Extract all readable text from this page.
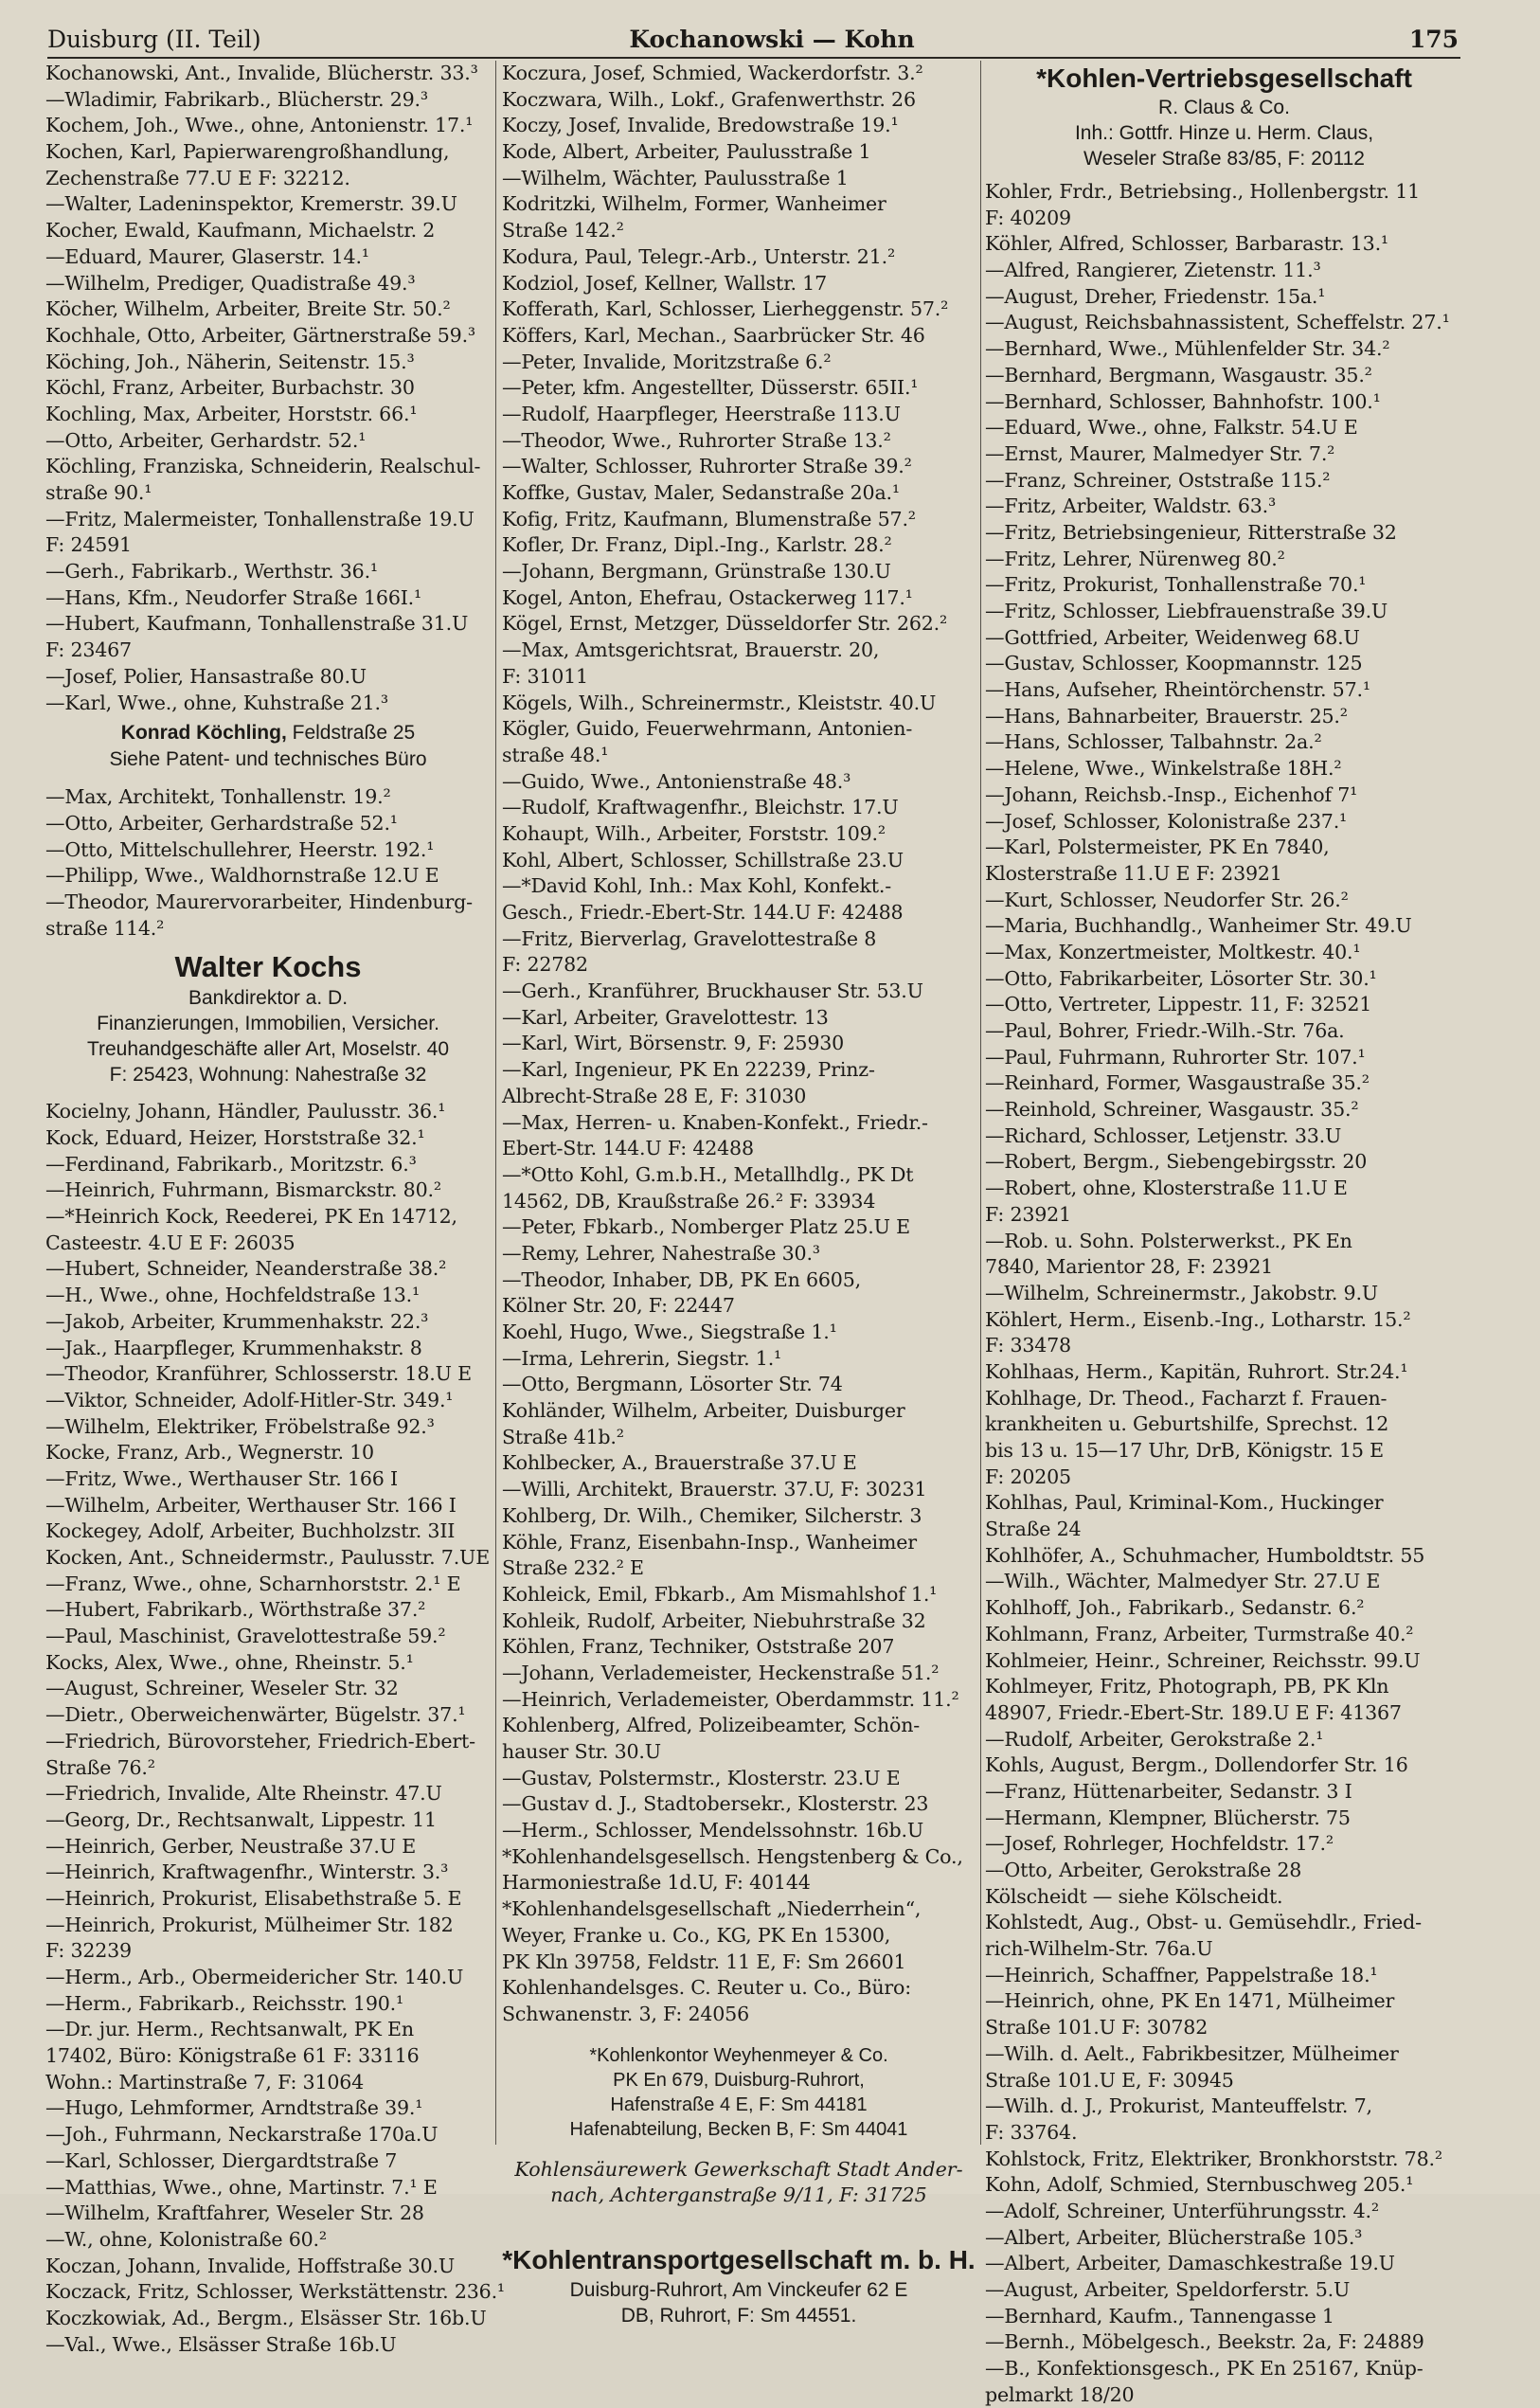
Duisburg (II. Teil)	Kochanowski — Kohn	175
Kochanowski, Ant., Invalide, Blücherstr. 33.³
—Wladimir, Fabrikarb., Blücherstr. 29.³
Kochem, Joh., Wwe., ohne, Antonienstr. 17.¹
Kochen, Karl, Papierwarengroßhandlung,
Zechenstraße 77.U E F: 32212.
—Walter, Ladeninspektor, Kremerstr. 39.U
Kocher, Ewald, Kaufmann, Michaelstr. 2
—Eduard, Maurer, Glaserstr. 14.¹
—Wilhelm, Prediger, Quadistraße 49.³
Köcher, Wilhelm, Arbeiter, Breite Str. 50.²
Kochhale, Otto, Arbeiter, Gärtnerstraße 59.³
Köching, Joh., Näherin, Seitenstr. 15.³
Köchl, Franz, Arbeiter, Burbachstr. 30
Kochling, Max, Arbeiter, Horststr. 66.¹
—Otto, Arbeiter, Gerhardstr. 52.¹
Köchling, Franziska, Schneiderin, Realschul-
straße 90.¹
—Fritz, Malermeister, Tonhallenstraße 19.U
F: 24591
—Gerh., Fabrikarb., Werthstr. 36.¹
—Hans, Kfm., Neudorfer Straße 166I.¹
—Hubert, Kaufmann, Tonhallenstraße 31.U
F: 23467
—Josef, Polier, Hansastraße 80.U
—Karl, Wwe., ohne, Kuhstraße 21.³
Konrad Köchling, Feldstraße 25
Siehe Patent- und technisches Büro
—Max, Architekt, Tonhallenstr. 19.²
—Otto, Arbeiter, Gerhardstraße 52.¹
—Otto, Mittelschullehrer, Heerstr. 192.¹
—Philipp, Wwe., Waldhornstraße 12.U E
—Theodor, Maurervorarbeiter, Hindenburg-
straße 114.²
Walter Kochs
Bankdirektor a. D.
Finanzierungen, Immobilien, Versicher.
Treuhandgeschäfte aller Art, Moselstr. 40
F: 25423, Wohnung: Nahestraße 32
Kocielny, Johann, Händler, Paulusstr. 36.¹
Kock, Eduard, Heizer, Horststraße 32.¹
—Ferdinand, Fabrikarb., Moritzstr. 6.³
—Heinrich, Fuhrmann, Bismarckstr. 80.²
—*Heinrich Kock, Reederei, PK En 14712,
Casteestr. 4.U E F: 26035
—Hubert, Schneider, Neanderstraße 38.²
—H., Wwe., ohne, Hochfeldstraße 13.¹
—Jakob, Arbeiter, Krummenhakstr. 22.³
—Jak., Haarpfleger, Krummenhakstr. 8
—Theodor, Kranführer, Schlosserstr. 18.U E
—Viktor, Schneider, Adolf-Hitler-Str. 349.¹
—Wilhelm, Elektriker, Fröbelstraße 92.³
Kocke, Franz, Arb., Wegnerstr. 10
—Fritz, Wwe., Werthauser Str. 166 I
—Wilhelm, Arbeiter, Werthauser Str. 166 I
Kockegey, Adolf, Arbeiter, Buchholzstr. 3II
Kocken, Ant., Schneidermstr., Paulusstr. 7.UE
—Franz, Wwe., ohne, Scharnhorststr. 2.¹ E
—Hubert, Fabrikarb., Wörthstraße 37.²
—Paul, Maschinist, Gravelottestraße 59.²
Kocks, Alex, Wwe., ohne, Rheinstr. 5.¹
—August, Schreiner, Weseler Str. 32
—Dietr., Oberweichenwärter, Bügelstr. 37.¹
—Friedrich, Bürovorsteher, Friedrich-Ebert-
Straße 76.²
—Friedrich, Invalide, Alte Rheinstr. 47.U
—Georg, Dr., Rechtsanwalt, Lippestr. 11
—Heinrich, Gerber, Neustraße 37.U E
—Heinrich, Kraftwagenfhr., Winterstr. 3.³
—Heinrich, Prokurist, Elisabethstraße 5. E
—Heinrich, Prokurist, Mülheimer Str. 182
F: 32239
—Herm., Arb., Obermeidericher Str. 140.U
—Herm., Fabrikarb., Reichsstr. 190.¹
—Dr. jur. Herm., Rechtsanwalt, PK En
17402, Büro: Königstraße 61 F: 33116
Wohn.: Martinstraße 7, F: 31064
—Hugo, Lehmformer, Arndtstraße 39.¹
—Joh., Fuhrmann, Neckarstraße 170a.U
—Karl, Schlosser, Diergardtstraße 7
—Matthias, Wwe., ohne, Martinstr. 7.¹ E
—Wilhelm, Kraftfahrer, Weseler Str. 28
—W., ohne, Kolonistraße 60.²
Koczan, Johann, Invalide, Hoffstraße 30.U
Koczack, Fritz, Schlosser, Werkstättenstr. 236.¹
Koczkowiak, Ad., Bergm., Elsässer Str. 16b.U
—Val., Wwe., Elsässer Straße 16b.U
Koczura, Josef, Schmied, Wackerdorfstr. 3.²
Koczwara, Wilh., Lokf., Grafenwerthstr. 26
Koczy, Josef, Invalide, Bredowstraße 19.¹
Kode, Albert, Arbeiter, Paulusstraße 1
—Wilhelm, Wächter, Paulusstraße 1
Kodritzki, Wilhelm, Former, Wanheimer
Straße 142.²
Kodura, Paul, Telegr.-Arb., Unterstr. 21.²
Kodziol, Josef, Kellner, Wallstr. 17
Kofferath, Karl, Schlosser, Lierheggenstr. 57.²
Köffers, Karl, Mechan., Saarbrücker Str. 46
—Peter, Invalide, Moritzstraße 6.²
—Peter, kfm. Angestellter, Düsserstr. 65II.¹
—Rudolf, Haarpfleger, Heerstraße 113.U
—Theodor, Wwe., Ruhrorter Straße 13.²
—Walter, Schlosser, Ruhrorter Straße 39.²
Koffke, Gustav, Maler, Sedanstraße 20a.¹
Kofig, Fritz, Kaufmann, Blumenstraße 57.²
Kofler, Dr. Franz, Dipl.-Ing., Karlstr. 28.²
—Johann, Bergmann, Grünstraße 130.U
Kogel, Anton, Ehefrau, Ostackerweg 117.¹
Kögel, Ernst, Metzger, Düsseldorfer Str. 262.²
—Max, Amtsgerichtsrat, Brauerstr. 20,
F: 31011
Kögels, Wilh., Schreinermstr., Kleiststr. 40.U
Kögler, Guido, Feuerwehrmann, Antonien-
straße 48.¹
—Guido, Wwe., Antonienstraße 48.³
—Rudolf, Kraftwagenfhr., Bleichstr. 17.U
Kohaupt, Wilh., Arbeiter, Forststr. 109.²
Kohl, Albert, Schlosser, Schillstraße 23.U
—*David Kohl, Inh.: Max Kohl, Konfekt.-
Gesch., Friedr.-Ebert-Str. 144.U F: 42488
—Fritz, Bierverlag, Gravelottestraße 8
F: 22782
—Gerh., Kranführer, Bruckhauser Str. 53.U
—Karl, Arbeiter, Gravelottestr. 13
—Karl, Wirt, Börsenstr. 9, F: 25930
—Karl, Ingenieur, PK En 22239, Prinz-
Albrecht-Straße 28 E, F: 31030
—Max, Herren- u. Knaben-Konfekt., Friedr.-
Ebert-Str. 144.U F: 42488
—*Otto Kohl, G.m.b.H., Metallhdlg., PK Dt
14562, DB, Kraußstraße 26.² F: 33934
—Peter, Fbkarb., Nomberger Platz 25.U E
—Remy, Lehrer, Nahestraße 30.³
—Theodor, Inhaber, DB, PK En 6605,
Kölner Str. 20, F: 22447
Koehl, Hugo, Wwe., Siegstraße 1.¹
—Irma, Lehrerin, Siegstr. 1.¹
—Otto, Bergmann, Lösorter Str. 74
Kohländer, Wilhelm, Arbeiter, Duisburger
Straße 41b.²
Kohlbecker, A., Brauerstraße 37.U E
—Willi, Architekt, Brauerstr. 37.U, F: 30231
Kohlberg, Dr. Wilh., Chemiker, Silcherstr. 3
Köhle, Franz, Eisenbahn-Insp., Wanheimer
Straße 232.² E
Kohleick, Emil, Fbkarb., Am Mismahlshof 1.¹
Kohleik, Rudolf, Arbeiter, Niebuhrstraße 32
Köhlen, Franz, Techniker, Oststraße 207
—Johann, Verlademeister, Heckenstraße 51.²
—Heinrich, Verlademeister, Oberdammstr. 11.²
Kohlenberg, Alfred, Polizeibeamter, Schön-
hauser Str. 30.U
—Gustav, Polstermstr., Klosterstr. 23.U E
—Gustav d. J., Stadtobersekr., Klosterstr. 23
—Herm., Schlosser, Mendelssohnstr. 16b.U
*Kohlenhandelsgesellsch. Hengstenberg & Co.,
Harmoniestraße 1d.U, F: 40144
*Kohlenhandelsgesellschaft „Niederrhein“,
Weyer, Franke u. Co., KG, PK En 15300,
PK Kln 39758, Feldstr. 11 E, F: Sm 26601
Kohlenhandelsges. C. Reuter u. Co., Büro:
Schwanenstr. 3, F: 24056
*Kohlenkontor Weyhenmeyer & Co.
PK En 679, Duisburg-Ruhrort,
Hafenstraße 4 E, F: Sm 44181
Hafenabteilung, Becken B, F: Sm 44041
Kohlensäurewerk Gewerkschaft Stadt Ander-
nach, Achterganstraße 9/11, F: 31725
*Kohlentransportgesellschaft m. b. H.
Duisburg-Ruhrort, Am Vinckeufer 62 E
DB, Ruhrort, F: Sm 44551.
*Kohlen-Vertriebsgesellschaft
R. Claus & Co.
Inh.: Gottfr. Hinze u. Herm. Claus,
Weseler Straße 83/85, F: 20112
Kohler, Frdr., Betriebsing., Hollenbergstr. 11
F: 40209
Köhler, Alfred, Schlosser, Barbarastr. 13.¹
—Alfred, Rangierer, Zietenstr. 11.³
—August, Dreher, Friedenstr. 15a.¹
—August, Reichsbahnassistent, Scheffelstr. 27.¹
—Bernhard, Wwe., Mühlenfelder Str. 34.²
—Bernhard, Bergmann, Wasgaustr. 35.²
—Bernhard, Schlosser, Bahnhofstr. 100.¹
—Eduard, Wwe., ohne, Falkstr. 54.U E
—Ernst, Maurer, Malmedyer Str. 7.²
—Franz, Schreiner, Oststraße 115.²
—Fritz, Arbeiter, Waldstr. 63.³
—Fritz, Betriebsingenieur, Ritterstraße 32
—Fritz, Lehrer, Nürenweg 80.²
—Fritz, Prokurist, Tonhallenstraße 70.¹
—Fritz, Schlosser, Liebfrauenstraße 39.U
—Gottfried, Arbeiter, Weidenweg 68.U
—Gustav, Schlosser, Koopmannstr. 125
—Hans, Aufseher, Rheintörchenstr. 57.¹
—Hans, Bahnarbeiter, Brauerstr. 25.²
—Hans, Schlosser, Talbahnstr. 2a.²
—Helene, Wwe., Winkelstraße 18H.²
—Johann, Reichsb.-Insp., Eichenhof 7¹
—Josef, Schlosser, Kolonistraße 237.¹
—Karl, Polstermeister, PK En 7840,
Klosterstraße 11.U E F: 23921
—Kurt, Schlosser, Neudorfer Str. 26.²
—Maria, Buchhandlg., Wanheimer Str. 49.U
—Max, Konzertmeister, Moltkestr. 40.¹
—Otto, Fabrikarbeiter, Lösorter Str. 30.¹
—Otto, Vertreter, Lippestr. 11, F: 32521
—Paul, Bohrer, Friedr.-Wilh.-Str. 76a.
—Paul, Fuhrmann, Ruhrorter Str. 107.¹
—Reinhard, Former, Wasgaustraße 35.²
—Reinhold, Schreiner, Wasgaustr. 35.²
—Richard, Schlosser, Letjenstr. 33.U
—Robert, Bergm., Siebengebirgsstr. 20
—Robert, ohne, Klosterstraße 11.U E
F: 23921
—Rob. u. Sohn. Polsterwerkst., PK En
7840, Marientor 28, F: 23921
—Wilhelm, Schreinermstr., Jakobstr. 9.U
Köhlert, Herm., Eisenb.-Ing., Lotharstr. 15.²
F: 33478
Kohlhaas, Herm., Kapitän, Ruhrort. Str.24.¹
Kohlhage, Dr. Theod., Facharzt f. Frauen-
krankheiten u. Geburtshilfe, Sprechst. 12
bis 13 u. 15—17 Uhr, DrB, Königstr. 15 E
F: 20205
Kohlhas, Paul, Kriminal-Kom., Huckinger
Straße 24
Kohlhöfer, A., Schuhmacher, Humboldtstr. 55
—Wilh., Wächter, Malmedyer Str. 27.U E
Kohlhoff, Joh., Fabrikarb., Sedanstr. 6.²
Kohlmann, Franz, Arbeiter, Turmstraße 40.²
Kohlmeier, Heinr., Schreiner, Reichsstr. 99.U
Kohlmeyer, Fritz, Photograph, PB, PK Kln
48907, Friedr.-Ebert-Str. 189.U E F: 41367
—Rudolf, Arbeiter, Gerokstraße 2.¹
Kohls, August, Bergm., Dollendorfer Str. 16
—Franz, Hüttenarbeiter, Sedanstr. 3 I
—Hermann, Klempner, Blücherstr. 75
—Josef, Rohrleger, Hochfeldstr. 17.²
—Otto, Arbeiter, Gerokstraße 28
Kölscheidt — siehe Kölscheidt.
Kohlstedt, Aug., Obst- u. Gemüsehdlr., Fried-
rich-Wilhelm-Str. 76a.U
—Heinrich, Schaffner, Pappelstraße 18.¹
—Heinrich, ohne, PK En 1471, Mülheimer
Straße 101.U F: 30782
—Wilh. d. Aelt., Fabrikbesitzer, Mülheimer
Straße 101.U E, F: 30945
—Wilh. d. J., Prokurist, Manteuffelstr. 7,
F: 33764.
Kohlstock, Fritz, Elektriker, Bronkhorststr. 78.²
Kohn, Adolf, Schmied, Sternbuschweg 205.¹
—Adolf, Schreiner, Unterführungsstr. 4.²
—Albert, Arbeiter, Blücherstraße 105.³
—Albert, Arbeiter, Damaschkestraße 19.U
—August, Arbeiter, Speldorferstr. 5.U
—Bernhard, Kaufm., Tannengasse 1
—Bernh., Möbelgesch., Beekstr. 2a, F: 24889
—B., Konfektionsgesch., PK En 25167, Knüp-
pelmarkt 18/20
